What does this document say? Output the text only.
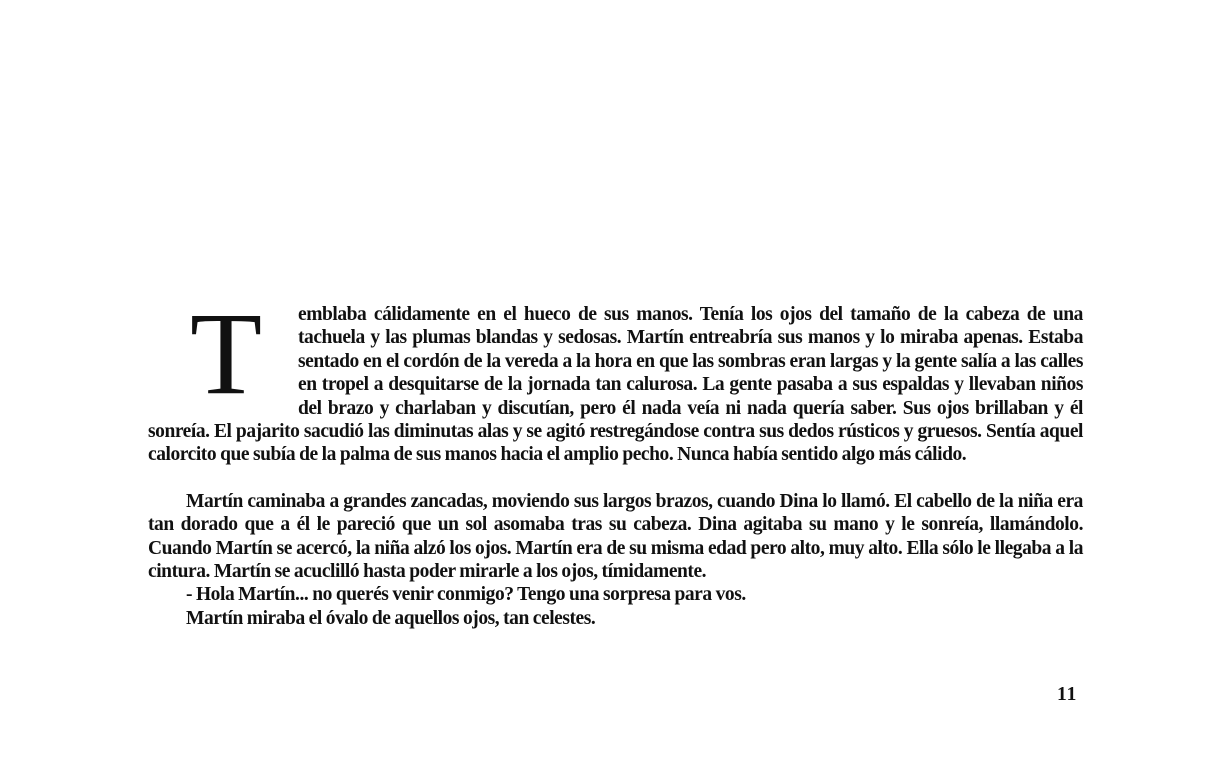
T	emblaba cálidamente en el hueco de sus manos. Tenía los ojos del tamaño de la cabeza de una tachuela y las plumas blandas y sedosas. Martín entreabría sus manos y lo miraba apenas. Estaba sentado en el cordón de la vereda a la hora en que las sombras eran largas y la gente salía a las calles en tropel a desquitarse de la jornada tan calurosa. La gente pasaba a sus espaldas y llevaban niños del brazo y charlaban y discutían, pero él nada veía ni nada quería saber. Sus ojos brillaban y él sonreía. El pajarito sacudió las diminutas alas y se agitó restregándose contra sus dedos rústicos y gruesos. Sentía aquel calorcito que subía de la palma de sus manos hacia el amplio pecho. Nunca había sentido algo más cálido.

Martín caminaba a grandes zancadas, moviendo sus largos brazos, cuando Dina lo llamó. El cabello de la niña era tan dorado que a él le pareció que un sol asomaba tras su cabeza. Dina agitaba su mano y le sonreía, llamándolo. Cuando Martín se acercó, la niña alzó los ojos. Martín era de su misma edad pero alto, muy alto. Ella sólo le llegaba a la cintura. Martín se acuclilló hasta poder mirarle a los ojos, tímidamente.

- Hola Martín... no querés venir conmigo? Tengo una sorpresa para vos.

Martín miraba el óvalo de aquellos ojos, tan celestes.

11
